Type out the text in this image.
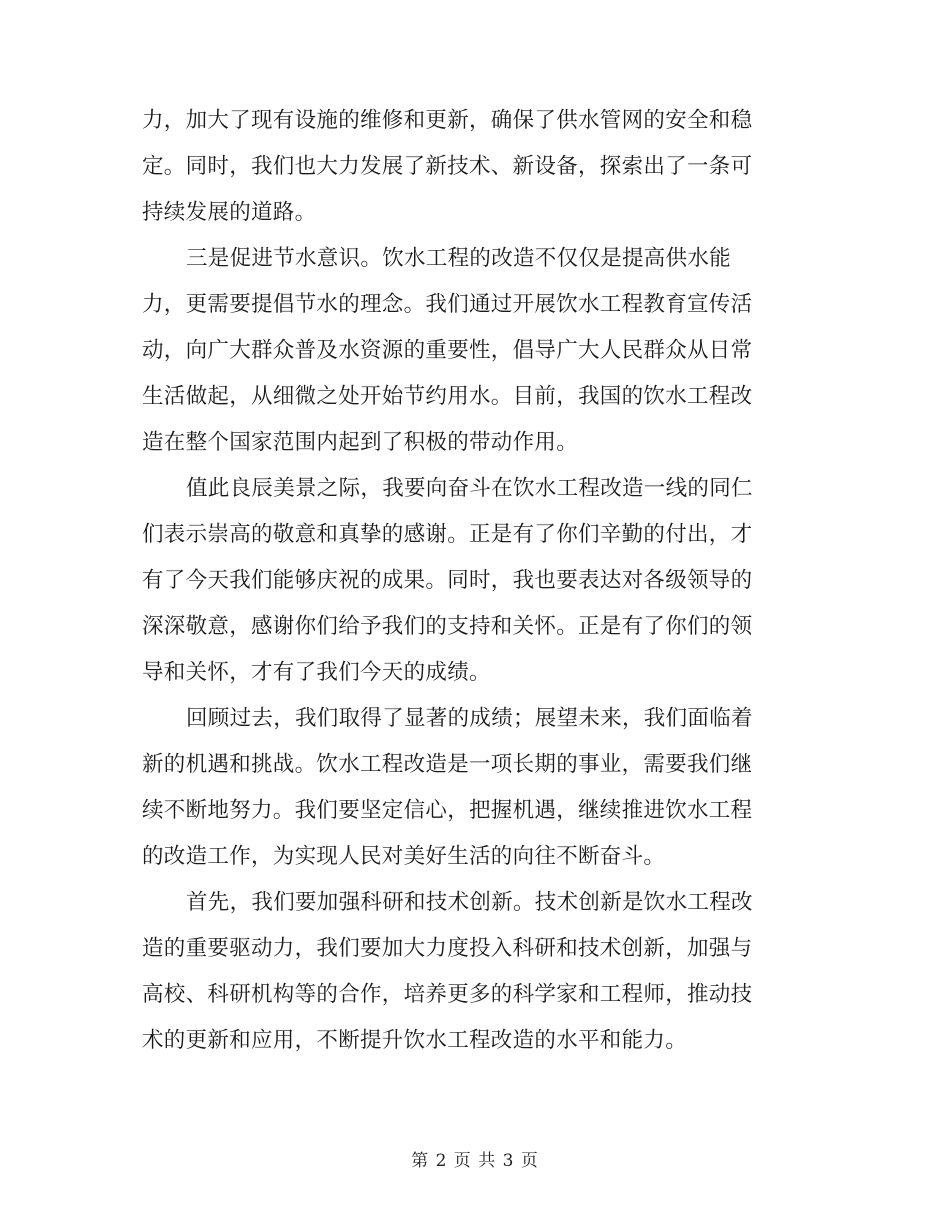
力，加大了现有设施的维修和更新，确保了供水管网的安全和稳
定。同时，我们也大力发展了新技术、新设备，探索出了一条可
持续发展的道路。

三是促进节水意识。饮水工程的改造不仅仅是提高供水能
力，更需要提倡节水的理念。我们通过开展饮水工程教育宣传活
动，向广大群众普及水资源的重要性，倡导广大人民群众从日常
生活做起，从细微之处开始节约用水。目前，我国的饮水工程改
造在整个国家范围内起到了积极的带动作用。

值此良辰美景之际，我要向奋斗在饮水工程改造一线的同仁
们表示崇高的敬意和真挚的感谢。正是有了你们辛勤的付出，才
有了今天我们能够庆祝的成果。同时，我也要表达对各级领导的
深深敬意，感谢你们给予我们的支持和关怀。正是有了你们的领
导和关怀，才有了我们今天的成绩。

回顾过去，我们取得了显著的成绩；展望未来，我们面临着
新的机遇和挑战。饮水工程改造是一项长期的事业，需要我们继
续不断地努力。我们要坚定信心，把握机遇，继续推进饮水工程
的改造工作，为实现人民对美好生活的向往不断奋斗。

首先，我们要加强科研和技术创新。技术创新是饮水工程改
造的重要驱动力，我们要加大力度投入科研和技术创新，加强与
高校、科研机构等的合作，培养更多的科学家和工程师，推动技
术的更新和应用，不断提升饮水工程改造的水平和能力。

第 2 页 共 3 页
